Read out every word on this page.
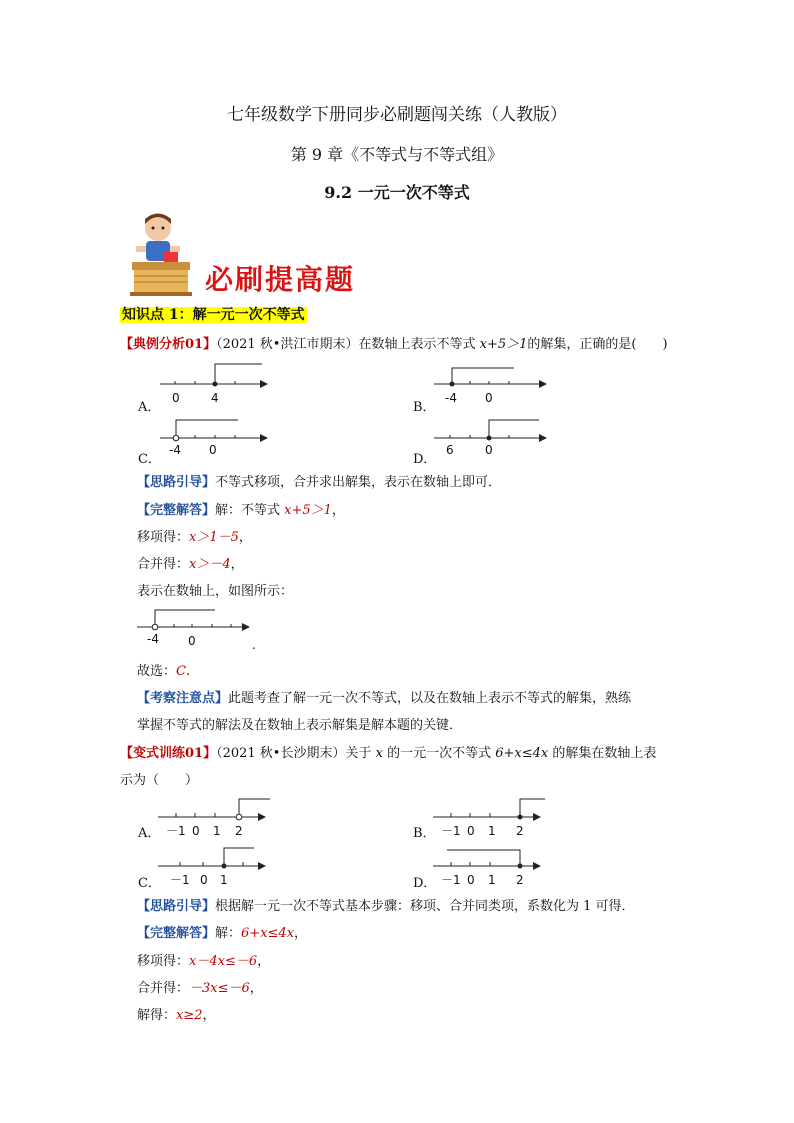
七年级数学下册同步必刷题闯关练（人教版）
第 9 章《不等式与不等式组》
9.2 一元一次不等式
必刷提高题
知识点 1：解一元一次不等式
【典例分析01】（2021 秋•洪江市期末）在数轴上表示不等式 x+5＞1的解集，正确的是(　　)
A．
0	4
B．
-4 0
C．
-4 0
D．
6	0
【思路引导】不等式移项，合并求出解集，表示在数轴上即可．
【完整解答】解：不等式 x+5＞1，
移项得：x＞1－5，
合并得：x＞－4，
表示在数轴上，如图所示：
-4 0	.
故选：C.
【考察注意点】此题考查了解一元一次不等式，以及在数轴上表示不等式的解集，熟练
掌握不等式的解法及在数轴上表示解集是解本题的关键．
【变式训练01】（2021 秋•长沙期末）关于 x 的一元一次不等式 6+x≤4x 的解集在数轴上表
示为（　　）
A． －1 0 1 2	B． －1 0 1 2
C． －1 0 1	D． －1 0 1 2
【思路引导】根据解一元一次不等式基本步骤：移项、合并同类项，系数化为 1 可得．
【完整解答】解：6+x≤4x，
移项得：x－4x≤－6，
合并得：－3x≤－6，
解得：x≥2，
